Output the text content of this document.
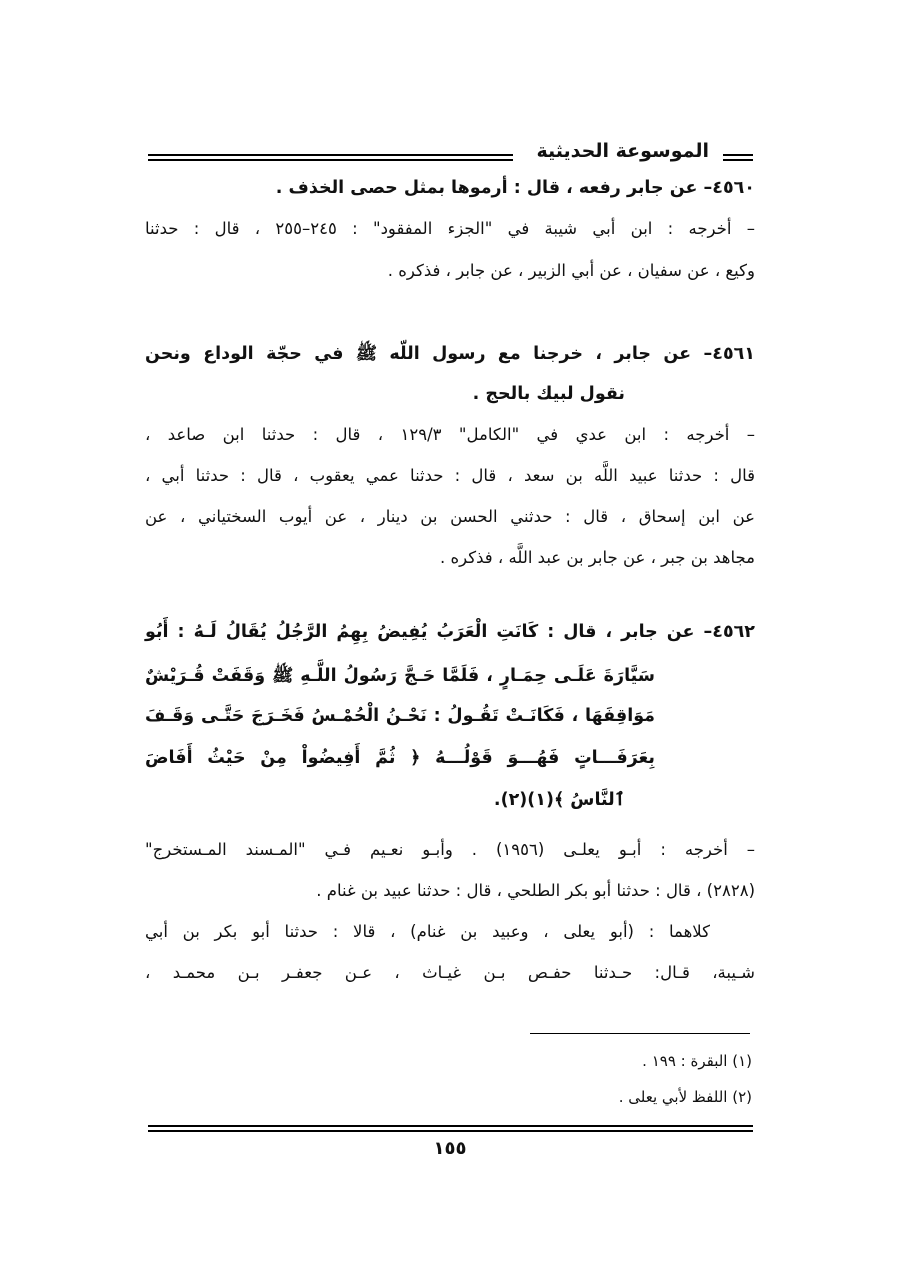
الموسوعة الحديثية
٤٥٦٠– عن جابر رفعه ، قال : أرموها بمثل حصى الخذف .
– أخرجه : ابن أبي شيبة في "الجزء المفقود" : ٢٤٥–٢٥٥ ، قال : حدثنا
وكيع ، عن سفيان ، عن أبي الزبير ، عن جابر ، فذكره .
٤٥٦١– عن جابر ، خرجنا مع رسول اللّه ﷺ في حجّة الوداع ونحن
نقول لبيك بالحج .
– أخرجه : ابن عدي في "الكامل" ١٢٩/٣ ، قال : حدثنا ابن صاعد ،
قال : حدثنا عبيد اللَّه بن سعد ، قال : حدثنا عمي يعقوب ، قال : حدثنا أبي ،
عن ابن إسحاق ، قال : حدثني الحسن بن دينار ، عن أيوب السختياني ، عن
مجاهد بن جبر ، عن جابر بن عبد اللَّه ، فذكره .
٤٥٦٢– عن جابر ، قال : كَانَتِ الْعَرَبُ يُفِيضُ بِهِمُ الرَّجُلُ يُقَالُ لَـهُ : أَبُو
سَيَّارَةَ عَلَـى حِمَـارٍ ، فَلَمَّا حَـجَّ رَسُولُ اللَّـهِ ﷺ وَقَفَتْ قُـرَيْشٌ
مَوَاقِفَهَا ، فَكَانَـتْ تَقُـولُ : نَحْـنُ الْحُمْـسُ فَخَـرَجَ حَتَّـى وَقَـفَ
بِعَرَفَـــاتٍ فَهُـــوَ قَوْلُـــهُ ﴿ ثُمَّ أَفِيضُواْ مِنْ حَيْثُ أَفَاضَ
ٱلنَّاسُ ﴾(١)(٢).
– أخرجه : أبـو يعلـى (١٩٥٦) . وأبـو نعـيم فـي "المـسند المـستخرج"
(٢٨٢٨) ، قال : حدثنا أبو بكر الطلحي ، قال : حدثنا عبيد بن غنام .
كلاهما : (أبو يعلى ، وعبيد بن غنام) ، قالا : حدثنا أبو بكر بن أبي
شـيبة، قـال: حـدثنا حفـص بـن غيـاث ، عـن جعفـر بـن محمـد ،
(١) البقرة : ١٩٩ .
(٢) اللفظ لأبي يعلى .
١٥٥
